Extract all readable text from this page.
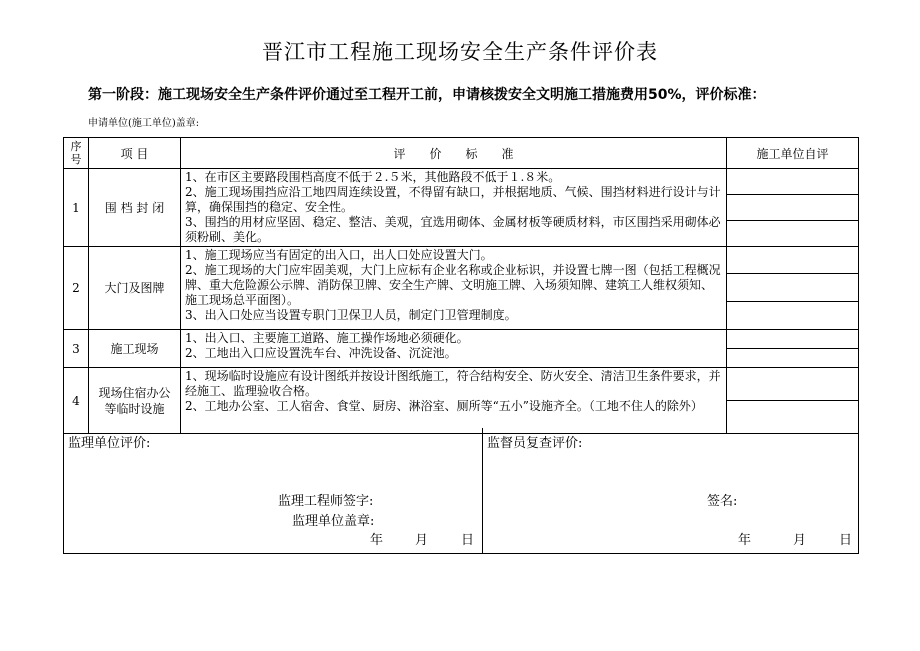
晋江市工程施工现场安全生产条件评价表
第一阶段：施工现场安全生产条件评价通过至工程开工前，申请核拨安全文明施工措施费用50%，评价标准：
申请单位(施工单位)盖章:
序号	项 目	评　　价　　标　　准	施工单位自评
1	围 档 封 闭	1、在市区主要路段围档高度不低于２.５米，其他路段不低于１.８米。
2、施工现场围挡应沿工地四周连续设置，不得留有缺口，并根据地质、气候、围挡材料进行设计与计算，确保围挡的稳定、安全性。
3、围挡的用材应坚固、稳定、整洁、美观，宜选用砌体、金属材板等硬质材料，市区围挡采用砌体必须粉刷、美化。	

2	大门及图牌	1、施工现场应当有固定的出入口，出人口处应设置大门。
2、施工现场的大门应牢固美观，大门上应标有企业名称或企业标识，并设置七牌一图（包括工程概况牌、重大危险源公示牌、消防保卫牌、安全生产牌、文明施工牌、入场须知牌、建筑工人维权须知、施工现场总平面图）。
3、出入口处应当设置专职门卫保卫人员，制定门卫管理制度。	

3	施工现场	1、出入口、主要施工道路、施工操作场地必须硬化。
2、工地出入口应设置洗车台、冲洗设备、沉淀池。	

4	现场住宿办公等临时设施	1、现场临时设施应有设计图纸并按设计图纸施工，符合结构安全、防火安全、清洁卫生条件要求，并经施工、监理验收合格。
2、工地办公室、工人宿舍、食堂、厨房、淋浴室、厕所等“五小”设施齐全。（工地不住人的除外）	

监理单位评价:
监理工程师签字:
监理单位盖章:
年 月	日
监督员复查评价:
签名:
年	月	日
